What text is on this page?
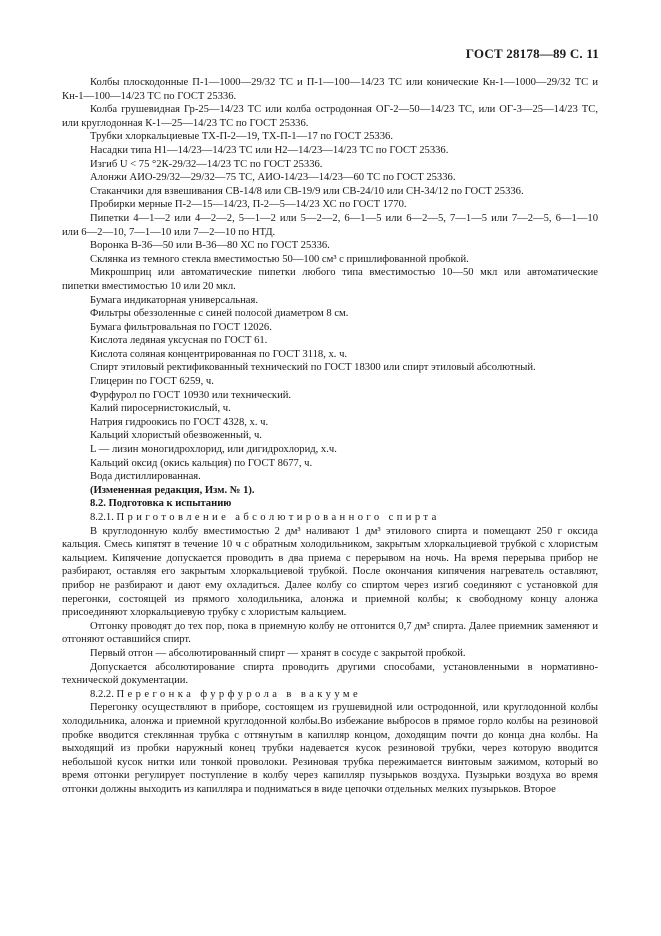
ГОСТ 28178—89 С. 11

Колбы плоскодонные П-1—1000—29/32 ТС и П-1—100—14/23 ТС или конические Кн-1—1000—29/32 ТС и Кн-1—100—14/23 ТС по ГОСТ 25336.

Колба грушевидная Гр-25—14/23 ТС или колба остродонная ОГ-2—50—14/23 ТС, или ОГ-3—25—14/23 ТС, или круглодонная К-1—25—14/23 ТС по ГОСТ 25336.

Трубки хлоркальциевые ТХ-П-2—19, ТХ-П-1—17 по ГОСТ 25336.

Насадки типа Н1—14/23—14/23 ТС или Н2—14/23—14/23 ТС по ГОСТ 25336.

Изгиб U < 75 °2К-29/32—14/23 ТС по ГОСТ 25336.

Алонжи АИО-29/32—29/32—75 ТС, АИО-14/23—14/23—60 ТС по ГОСТ 25336.

Стаканчики для взвешивания СВ-14/8 или СВ-19/9 или СВ-24/10 или СН-34/12 по ГОСТ 25336.

Пробирки мерные П-2—15—14/23, П-2—5—14/23 ХС по ГОСТ 1770.

Пипетки 4—1—2 или 4—2—2, 5—1—2 или 5—2—2, 6—1—5 или 6—2—5, 7—1—5 или 7—2—5, 6—1—10 или 6—2—10, 7—1—10 или 7—2—10 по НТД.

Воронка В-36—50 или В-36—80 ХС по ГОСТ 25336.

Склянка из темного стекла вместимостью 50—100 см³ с пришлифованной пробкой.

Микрошприц или автоматические пипетки любого типа вместимостью 10—50 мкл или автоматические пипетки вместимостью 10 или 20 мкл.

Бумага индикаторная универсальная.

Фильтры обеззоленные с синей полосой диаметром 8 см.

Бумага фильтровальная по ГОСТ 12026.

Кислота ледяная уксусная по ГОСТ 61.

Кислота соляная концентрированная по ГОСТ 3118, х. ч.

Спирт этиловый ректификованный технический по ГОСТ 18300 или спирт этиловый абсолютный.

Глицерин по ГОСТ 6259, ч.

Фурфурол по ГОСТ 10930 или технический.

Калий пиросернистокислый, ч.

Натрия гидроокись по ГОСТ 4328, х. ч.

Кальций хлористый обезвоженный, ч.

L — лизин моногидрохлорид, или дигидрохлорид, х.ч.

Кальций оксид (окись кальция) по ГОСТ 8677, ч.

Вода дистиллированная.

(Измененная редакция, Изм. № 1).

8.2. Подготовка к испытанию

8.2.1. Приготовление абсолютированного спирта

В круглодонную колбу вместимостью 2 дм³ наливают 1 дм³ этилового спирта и помещают 250 г оксида кальция. Смесь кипятят в течение 10 ч с обратным холодильником, закрытым хлоркальциевой трубкой с хлористым кальцием. Кипячение допускается проводить в два приема с перерывом на ночь. На время перерыва прибор не разбирают, оставляя его закрытым хлоркальциевой трубкой. После окончания кипячения нагреватель оставляют, прибор не разбирают и дают ему охладиться. Далее колбу со спиртом через изгиб соединяют с установкой для перегонки, состоящей из прямого холодильника, алонжа и приемной колбы; к свободному концу алонжа присоединяют хлоркальциевую трубку с хлористым кальцием.

Отгонку проводят до тех пор, пока в приемную колбу не отгонится 0,7 дм³ спирта. Далее приемник заменяют и отгоняют оставшийся спирт.

Первый отгон — абсолютированный спирт — хранят в сосуде с закрытой пробкой.

Допускается абсолютирование спирта проводить другими способами, установленными в нормативно-технической документации.

8.2.2. Перегонка фурфурола в вакууме

Перегонку осуществляют в приборе, состоящем из грушевидной или остродонной, или круглодонной колбы холодильника, алонжа и приемной круглодонной колбы.Во избежание выбросов в прямое горло колбы на резиновой пробке вводится стеклянная трубка с оттянутым в капилляр концом, доходящим почти до конца дна колбы. На выходящий из пробки наружный конец трубки надевается кусок резиновой трубки, через которую вводится небольшой кусок нитки или тонкой проволоки. Резиновая трубка пережимается винтовым зажимом, который во время отгонки регулирует поступление в колбу через капилляр пузырьков воздуха. Пузырьки воздуха во время отгонки должны выходить из капилляра и подниматься в виде цепочки отдельных мелких пузырьков. Второе
